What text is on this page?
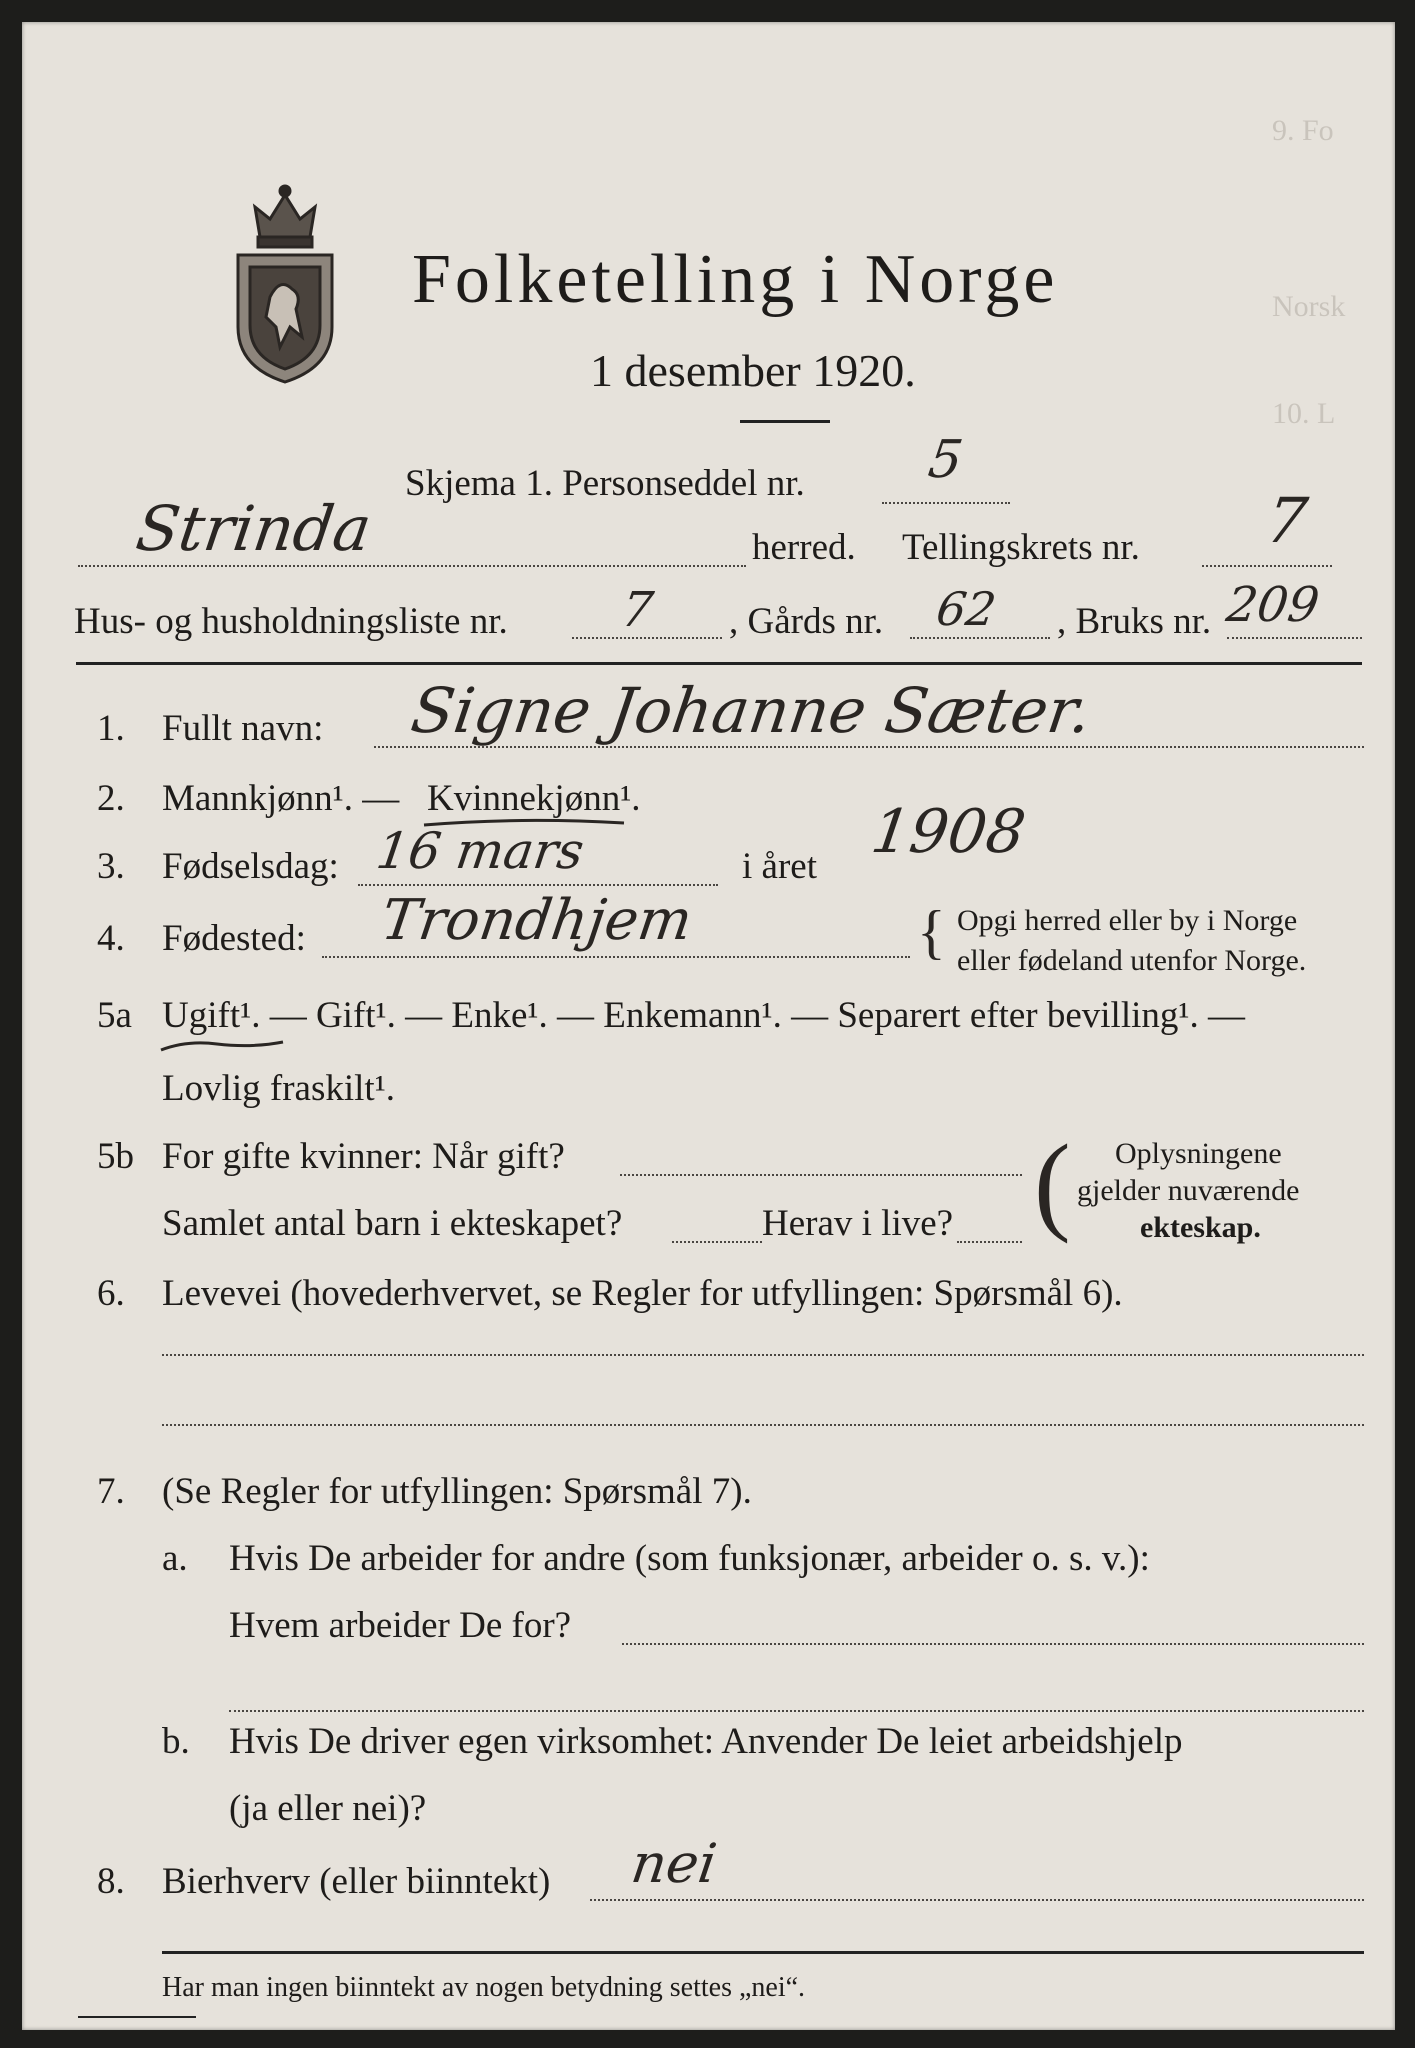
9. Fo
Norsk
10. L
Folketelling i Norge
1 desember 1920.
Skjema 1. Personseddel nr. 5
Strinda	herred. Tellingskrets nr. 7
Hus- og husholdningsliste nr. 7 , Gårds nr. 62 , Bruks nr. 209
1. Fullt navn: Signe Johanne Sæter.
2. Mannkjønn¹. — Kvinnekjønn¹.
3. Fødselsdag: 16 mars	i året 1908
4. Fødested: Trondhjem	{ Opgi herred eller by i Norge
eller fødeland utenfor Norge.
5a Ugift¹. — Gift¹. — Enke¹. — Enkemann¹. — Separert efter bevilling¹. —
Lovlig fraskilt¹.
5b For gifte kvinner: Når gift?
Samlet antal barn i ekteskapet?	Herav i live? ( Oplysningene
gjelder nuværende
ekteskap.
6. Levevei (hovederhvervet, se Regler for utfyllingen: Spørsmål 6).
7. (Se Regler for utfyllingen: Spørsmål 7).
a. Hvis De arbeider for andre (som funksjonær, arbeider o. s. v.):
Hvem arbeider De for?
b. Hvis De driver egen virksomhet: Anvender De leiet arbeidshjelp
(ja eller nei)?
8. Bierhverv (eller biinntekt) nei
Har man ingen biinntekt av nogen betydning settes „nei“.
